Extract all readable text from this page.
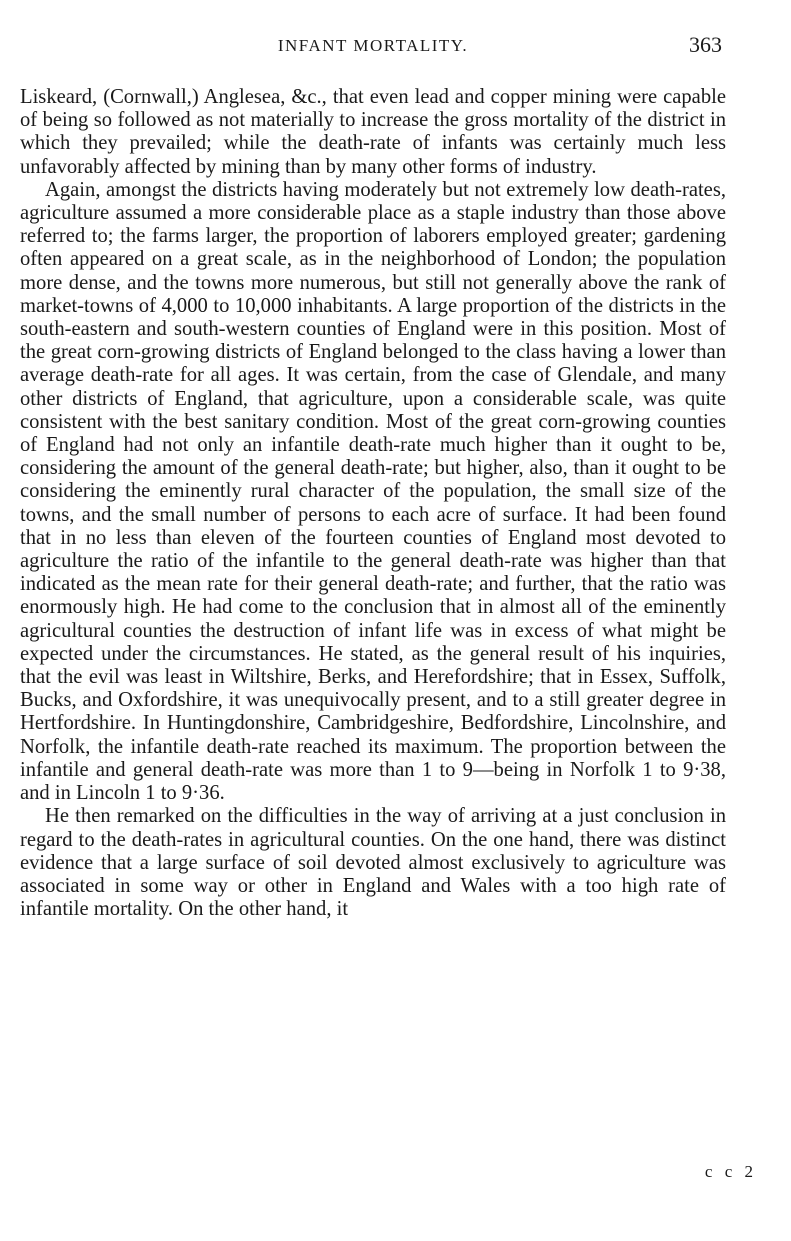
INFANT MORTALITY.	363

Liskeard, (Cornwall,) Anglesea, &c., that even lead and copper mining were capable of being so followed as not materially to increase the gross mortality of the district in which they prevailed; while the death-rate of infants was certainly much less unfavorably affected by mining than by many other forms of industry.

Again, amongst the districts having moderately but not extremely low death-rates, agriculture assumed a more considerable place as a staple industry than those above referred to; the farms larger, the proportion of laborers employed greater; gardening often appeared on a great scale, as in the neighborhood of London; the population more dense, and the towns more numerous, but still not generally above the rank of market-towns of 4,000 to 10,000 inhabitants. A large proportion of the districts in the south-eastern and south-western counties of England were in this position. Most of the great corn-growing districts of England belonged to the class having a lower than average death-rate for all ages. It was certain, from the case of Glendale, and many other districts of England, that agriculture, upon a considerable scale, was quite consistent with the best sanitary condition. Most of the great corn-growing counties of England had not only an infantile death-rate much higher than it ought to be, considering the amount of the general death-rate; but higher, also, than it ought to be considering the eminently rural character of the population, the small size of the towns, and the small number of persons to each acre of surface. It had been found that in no less than eleven of the fourteen counties of England most devoted to agriculture the ratio of the infantile to the general death-rate was higher than that indicated as the mean rate for their general death-rate; and further, that the ratio was enormously high. He had come to the conclusion that in almost all of the eminently agricultural counties the destruction of infant life was in excess of what might be expected under the circumstances. He stated, as the general result of his inquiries, that the evil was least in Wiltshire, Berks, and Herefordshire; that in Essex, Suffolk, Bucks, and Oxfordshire, it was unequivocally present, and to a still greater degree in Hertfordshire. In Huntingdonshire, Cambridgeshire, Bedfordshire, Lincolnshire, and Norfolk, the infantile death-rate reached its maximum. The proportion between the infantile and general death-rate was more than 1 to 9—being in Norfolk 1 to 9·38, and in Lincoln 1 to 9·36.

He then remarked on the difficulties in the way of arriving at a just conclusion in regard to the death-rates in agricultural counties. On the one hand, there was distinct evidence that a large surface of soil devoted almost exclusively to agriculture was associated in some way or other in England and Wales with a too high rate of infantile mortality. On the other hand, it

c c 2
